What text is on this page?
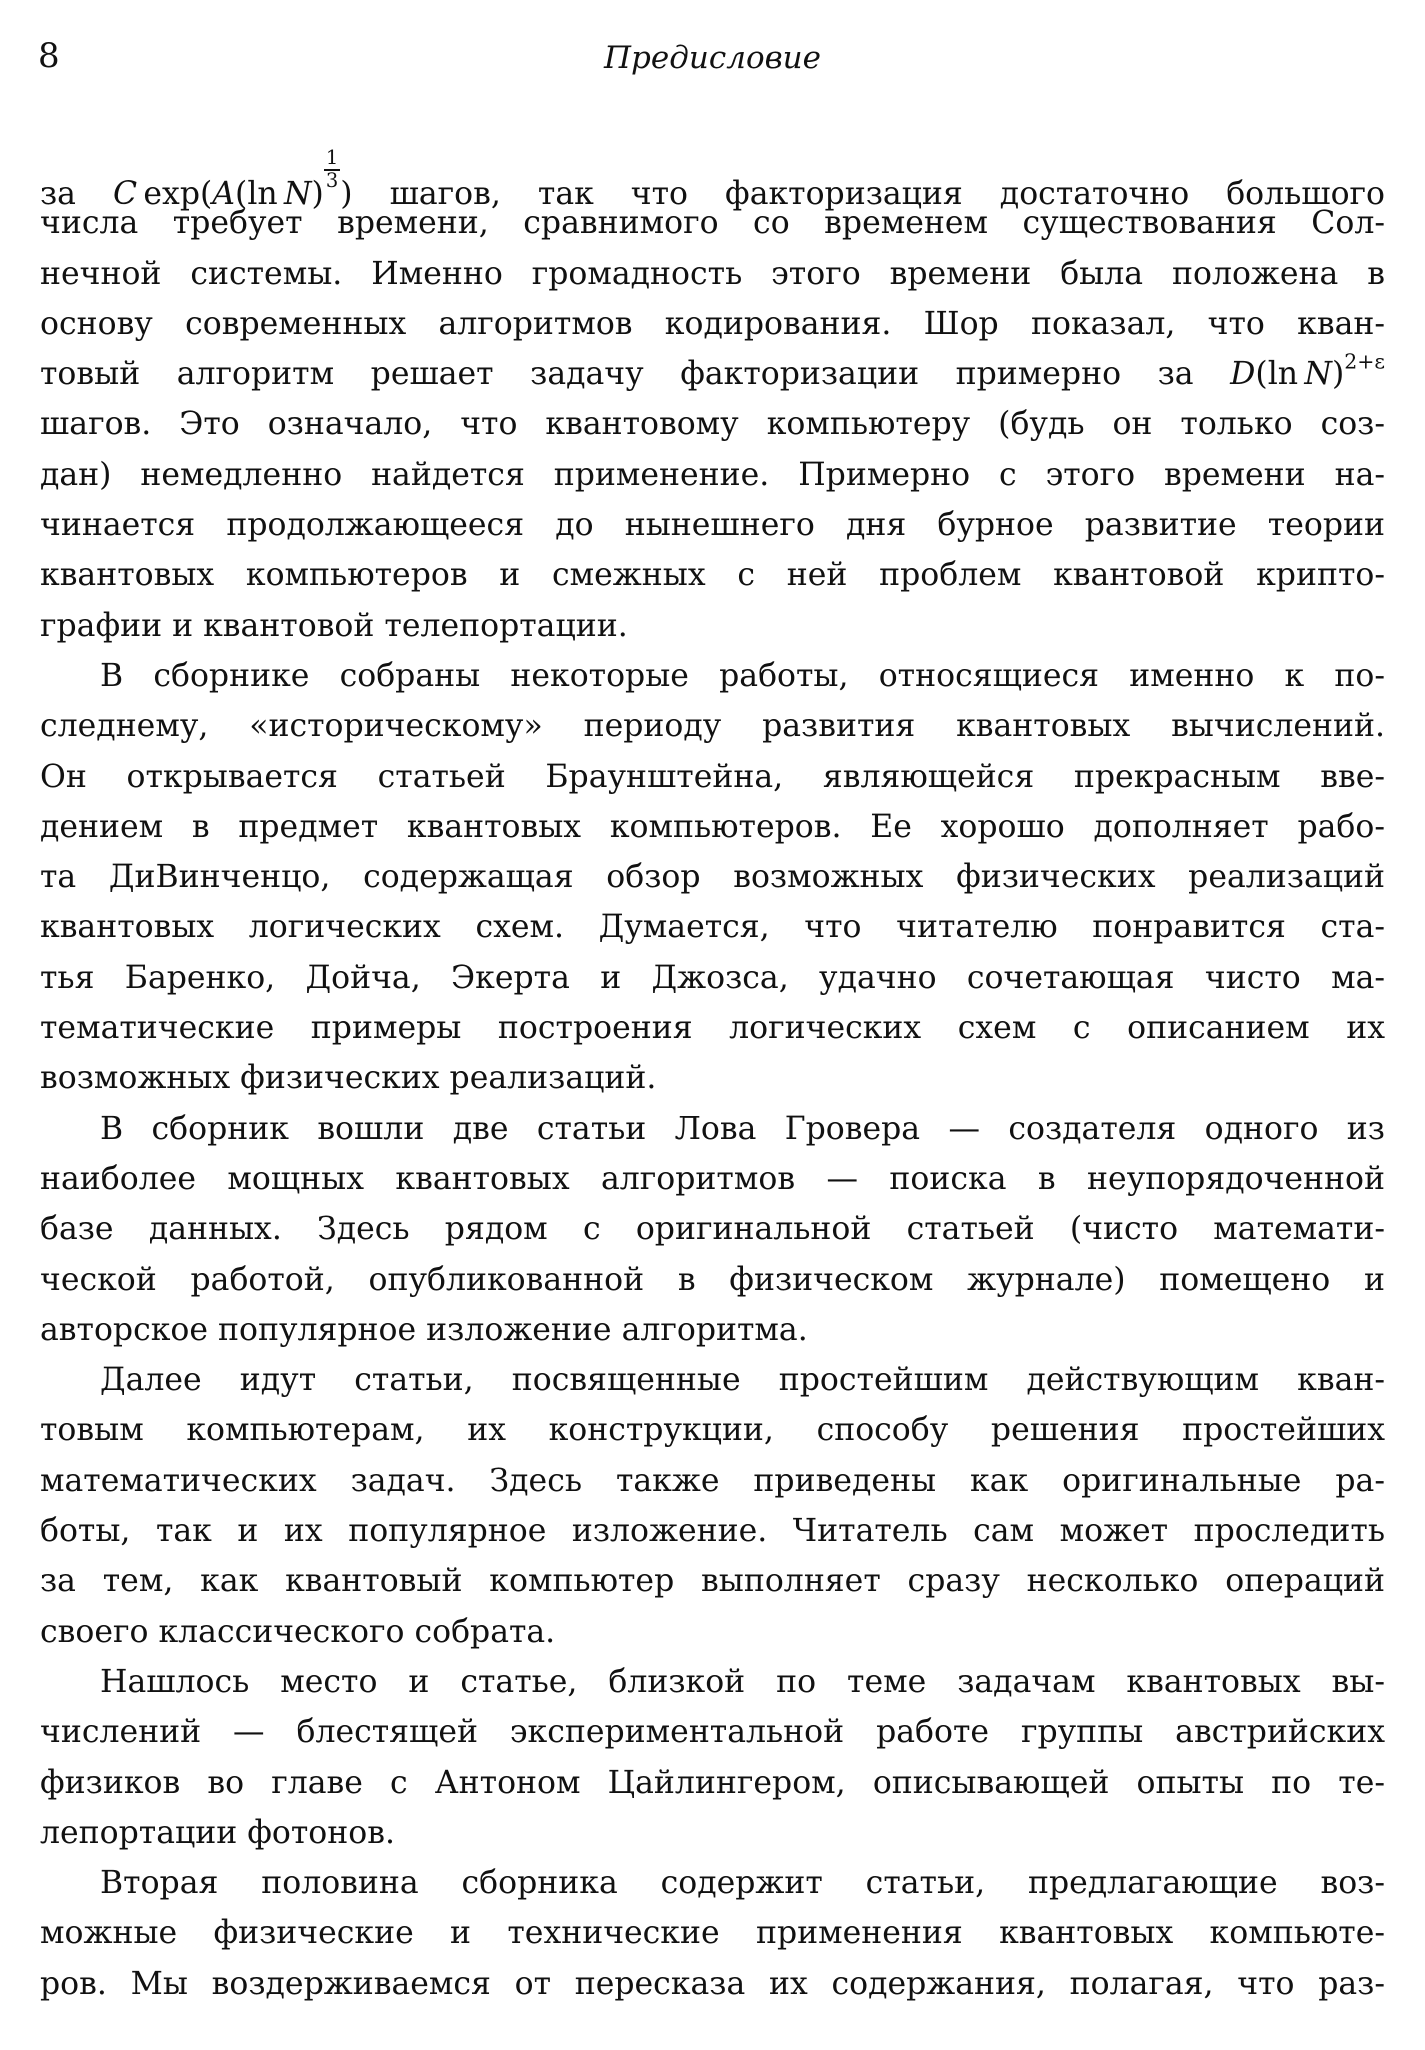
8	Предисловие
за C  exp(A(ln  N)
$\frac{1}{3}$
) шагов, так что факторизация достаточно большого
числа требует времени, сравнимого со временем существования Сол-
нечной системы. Именно громадность этого времени была положена в
основу современных алгоритмов кодирования. Шор показал, что кван-
товый алгоритм решает задачу факторизации примерно за D(ln  N)$^{2+\varepsilon}$
шагов. Это означало, что квантовому компьютеру (будь он только соз-
дан) немедленно найдется применение. Примерно с этого времени на-
чинается продолжающееся до нынешнего дня бурное развитие теории
квантовых компьютеров и смежных с ней проблем квантовой крипто-
графии и квантовой телепортации.
В сборнике собраны некоторые работы, относящиеся именно к по-
следнему, «историческому» периоду развития квантовых вычислений.
Он открывается статьей Браунштейна, являющейся прекрасным вве-
дением в предмет квантовых компьютеров. Ее хорошо дополняет рабо-
та ДиВинченцо, содержащая обзор возможных физических реализаций
квантовых логических схем. Думается, что читателю понравится ста-
тья Баренко, Дойча, Экерта и Джозса, удачно сочетающая чисто ма-
тематические примеры построения логических схем с описанием их
возможных физических реализаций.
В сборник вошли две статьи Лова Гровера — создателя одного из
наиболее мощных квантовых алгоритмов — поиска в неупорядоченной
базе данных. Здесь рядом с оригинальной статьей (чисто математи-
ческой работой, опубликованной в физическом журнале) помещено и
авторское популярное изложение алгоритма.
Далее идут статьи, посвященные простейшим действующим кван-
товым компьютерам, их конструкции, способу решения простейших
математических задач. Здесь также приведены как оригинальные ра-
боты, так и их популярное изложение. Читатель сам может проследить
за тем, как квантовый компьютер выполняет сразу несколько операций
своего классического собрата.
Нашлось место и статье, близкой по теме задачам квантовых вы-
числений — блестящей экспериментальной работе группы австрийских
физиков во главе с Антоном Цайлингером, описывающей опыты по те-
лепортации фотонов.
Вторая половина сборника содержит статьи, предлагающие воз-
можные физические и технические применения квантовых компьюте-
ров. Мы воздерживаемся от пересказа их содержания, полагая, что раз-
